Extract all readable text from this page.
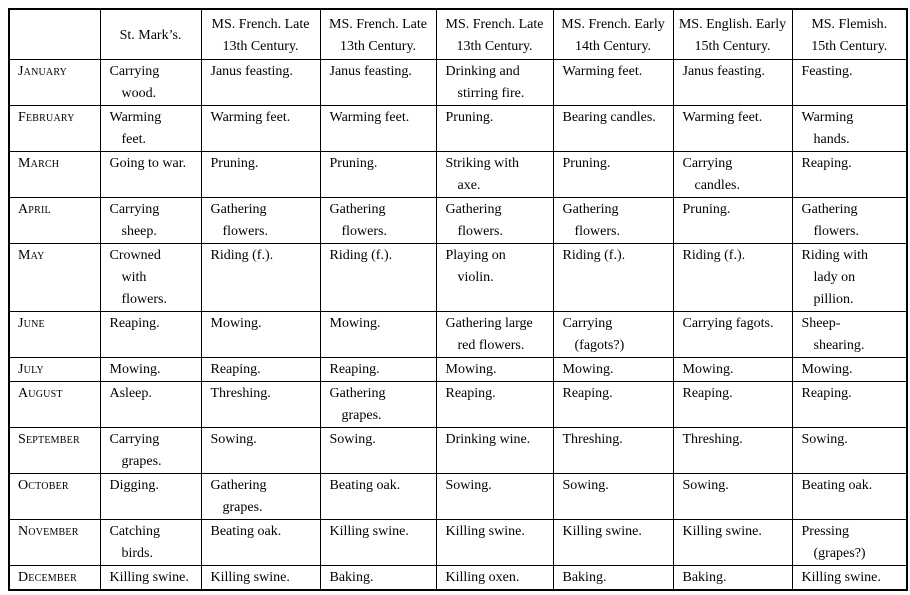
	St. Mark’s.	MS. French. Late
13th Century.	MS. French. Late
13th Century.	MS. French. Late
13th Century.	MS. French. Early
14th Century.	MS. English. Early
15th Century.	MS. Flemish.
15th Century.

January	Carrying
wood.	Janus feasting.	Janus feasting.	Drinking and
stirring fire.	Warming feet.	Janus feasting.	Feasting.

February	Warming
feet.	Warming feet.	Warming feet.	Pruning.	Bearing candles.	Warming feet.	Warming
hands.

March	Going to war.	Pruning.	Pruning.	Striking with
axe.	Pruning.	Carrying
candles.	Reaping.

April	Carrying
sheep.	Gathering
flowers.	Gathering
flowers.	Gathering
flowers.	Gathering
flowers.	Pruning.	Gathering
flowers.

May	Crowned
with
flowers.	Riding (f.).	Riding (f.).	Playing on
violin.	Riding (f.).	Riding (f.).	Riding with
lady on
pillion.

June	Reaping.	Mowing.	Mowing.	Gathering large
red flowers.	Carrying
(fagots?)	Carrying fagots.	Sheep-
shearing.

July	Mowing.	Reaping.	Reaping.	Mowing.	Mowing.	Mowing.	Mowing.

August	Asleep.	Threshing.	Gathering
grapes.	Reaping.	Reaping.	Reaping.	Reaping.

September	Carrying
grapes.	Sowing.	Sowing.	Drinking wine.	Threshing.	Threshing.	Sowing.

October	Digging.	Gathering
grapes.	Beating oak.	Sowing.	Sowing.	Sowing.	Beating oak.

November	Catching
birds.	Beating oak.	Killing swine.	Killing swine.	Killing swine.	Killing swine.	Pressing
(grapes?)

December	Killing swine.	Killing swine.	Baking.	Killing oxen.	Baking.	Baking.	Killing swine.
